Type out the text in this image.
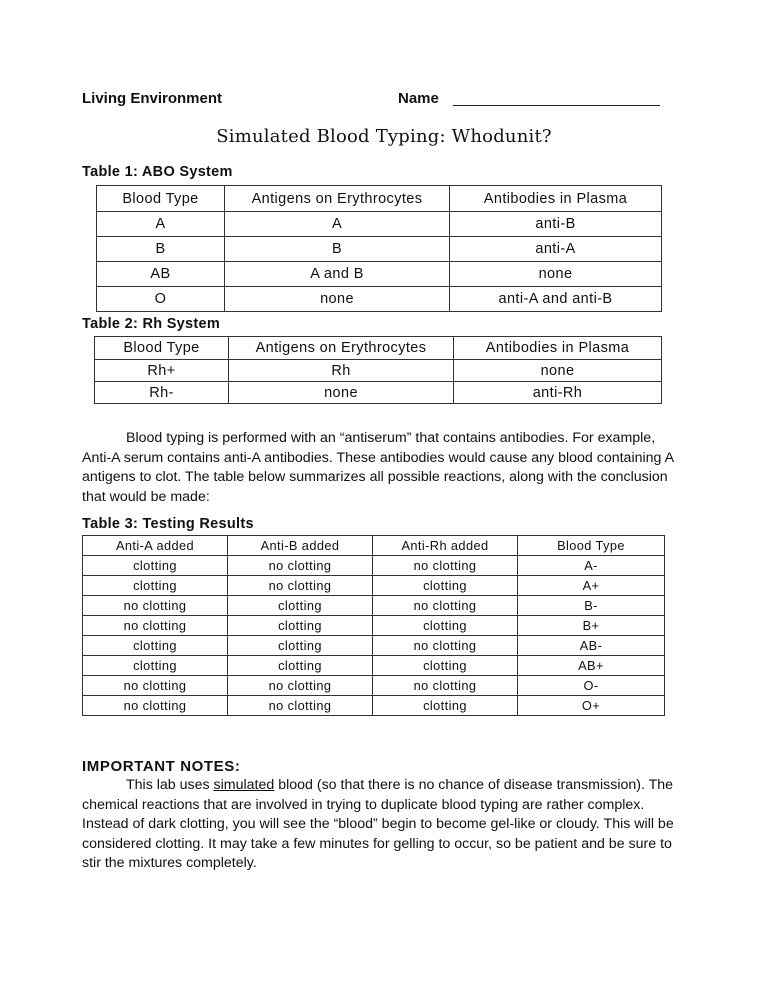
Living Environment	Name
Simulated Blood Typing: Whodunit?
Table 1: ABO System
Blood Type	Antigens on Erythrocytes	Antibodies in Plasma
A	A	anti-B
B	B	anti-A
AB	A and B	none
O	none	anti-A and anti-B
Table 2: Rh System
Blood Type	Antigens on Erythrocytes	Antibodies in Plasma
Rh+	Rh	none
Rh-	none	anti-Rh
Blood typing is performed with an “antiserum” that contains antibodies. For example, Anti-A serum contains anti-A antibodies. These antibodies would cause any blood containing A antigens to clot. The table below summarizes all possible reactions, along with the conclusion that would be made:
Table 3: Testing Results
Anti-A added	Anti-B added	Anti-Rh added	Blood Type
clotting	no clotting	no clotting	A-
clotting	no clotting	clotting	A+
no clotting	clotting	no clotting	B-
no clotting	clotting	clotting	B+
clotting	clotting	no clotting	AB-
clotting	clotting	clotting	AB+
no clotting	no clotting	no clotting	O-
no clotting	no clotting	clotting	O+
IMPORTANT NOTES:
This lab uses simulated blood (so that there is no chance of disease transmission). The chemical reactions that are involved in trying to duplicate blood typing are rather complex. Instead of dark clotting, you will see the “blood” begin to become gel-like or cloudy. This will be considered clotting. It may take a few minutes for gelling to occur, so be patient and be sure to stir the mixtures completely.
